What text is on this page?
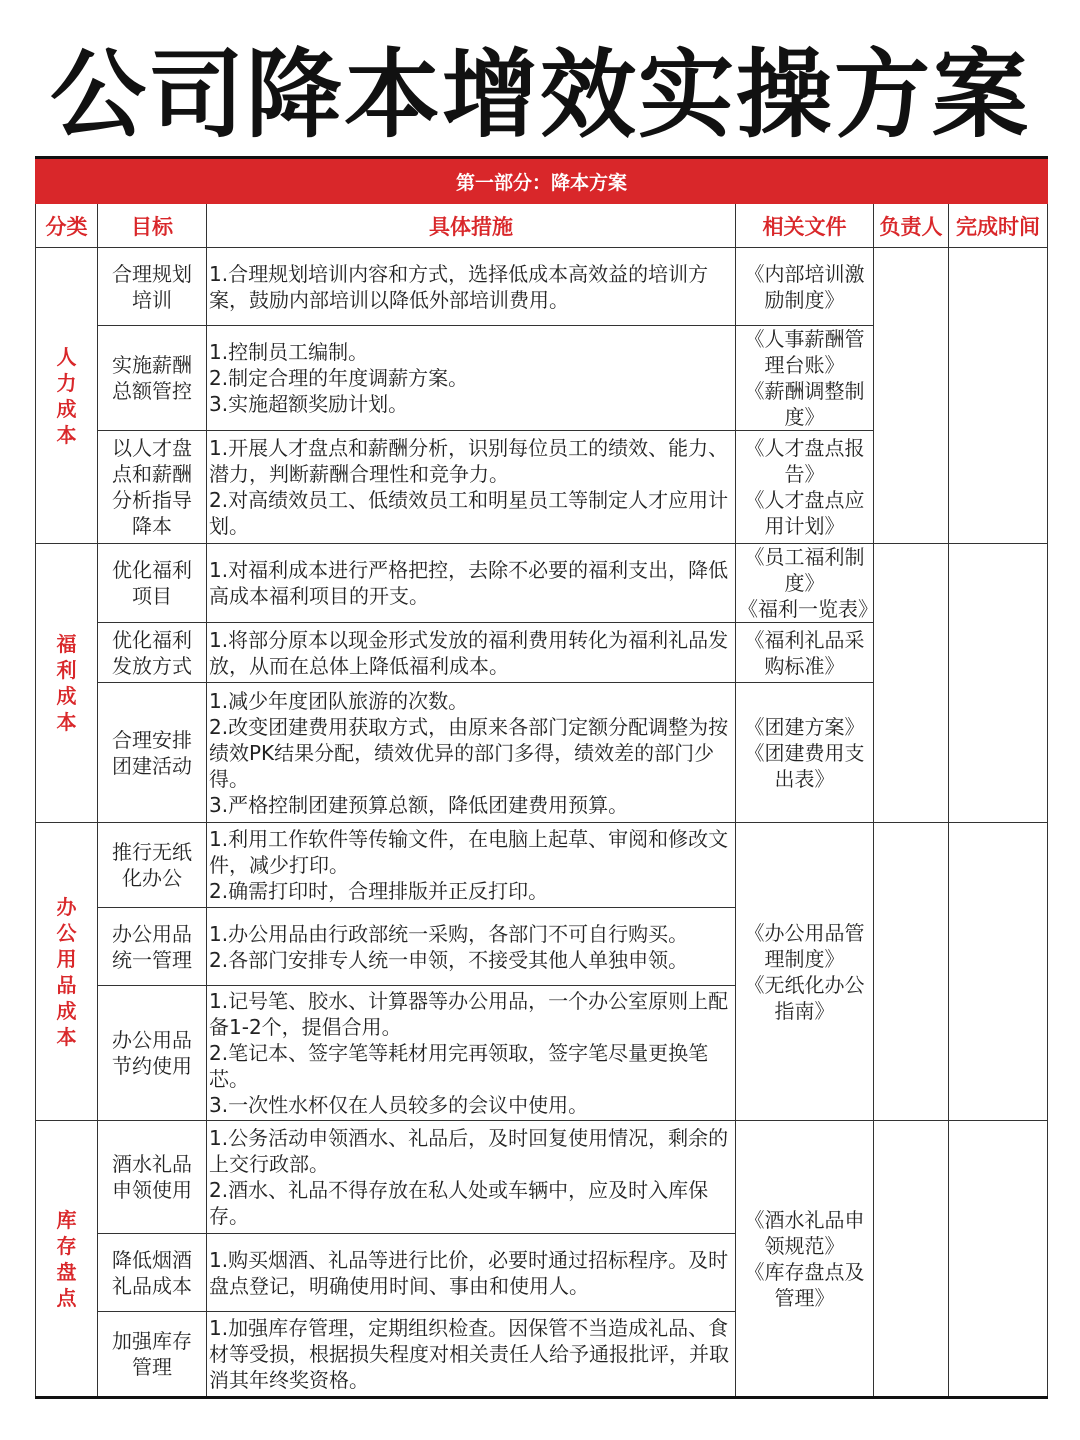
公司降本增效实操方案
第一部分：降本方案					
分类	目标	具体措施	相关文件	负责人	完成时间
人力成本	合理规划培训	1.合理规划培训内容和方式，选择低成本高效益的培训方案，鼓励内部培训以降低外部培训费用。	《内部培训激励制度》		

	实施薪酬总额管控	1.控制员工编制。
2.制定合理的年度调薪方案。
3.实施超额奖励计划。	《人事薪酬管理台账》
《薪酬调整制度》		

	以人才盘点和薪酬分析指导降本	1.开展人才盘点和薪酬分析，识别每位员工的绩效、能力、潜力，判断薪酬合理性和竞争力。
2.对高绩效员工、低绩效员工和明星员工等制定人才应用计划。	《人才盘点报告》
《人才盘点应用计划》		

福利成本	优化福利项目	1.对福利成本进行严格把控，去除不必要的福利支出，降低高成本福利项目的开支。	《员工福利制度》
《福利一览表》		

	优化福利发放方式	1.将部分原本以现金形式发放的福利费用转化为福利礼品发放，从而在总体上降低福利成本。	《福利礼品采购标准》		

	合理安排团建活动	1.减少年度团队旅游的次数。
2.改变团建费用获取方式，由原来各部门定额分配调整为按绩效PK结果分配，绩效优异的部门多得，绩效差的部门少得。
3.严格控制团建预算总额，降低团建费用预算。	《团建方案》
《团建费用支出表》		

办公用品成本	推行无纸化办公	1.利用工作软件等传输文件，在电脑上起草、审阅和修改文件，减少打印。
2.确需打印时，合理排版并正反打印。	《办公用品管理制度》
《无纸化办公指南》		

	办公用品统一管理	1.办公用品由行政部统一采购，各部门不可自行购买。
2.各部门安排专人统一申领，不接受其他人单独申领。			

	办公用品节约使用	1.记号笔、胶水、计算器等办公用品，一个办公室原则上配备1-2个，提倡合用。
2.笔记本、签字笔等耗材用完再领取，签字笔尽量更换笔芯。
3.一次性水杯仅在人员较多的会议中使用。			

库存盘点	酒水礼品申领使用	1.公务活动申领酒水、礼品后，及时回复使用情况，剩余的上交行政部。
2.酒水、礼品不得存放在私人处或车辆中，应及时入库保存。	《酒水礼品申领规范》
《库存盘点及管理》		

	降低烟酒礼品成本	1.购买烟酒、礼品等进行比价，必要时通过招标程序。及时盘点登记，明确使用时间、事由和使用人。			

	加强库存管理	1.加强库存管理，定期组织检查。因保管不当造成礼品、食材等受损，根据损失程度对相关责任人给予通报批评，并取消其年终奖资格。			
